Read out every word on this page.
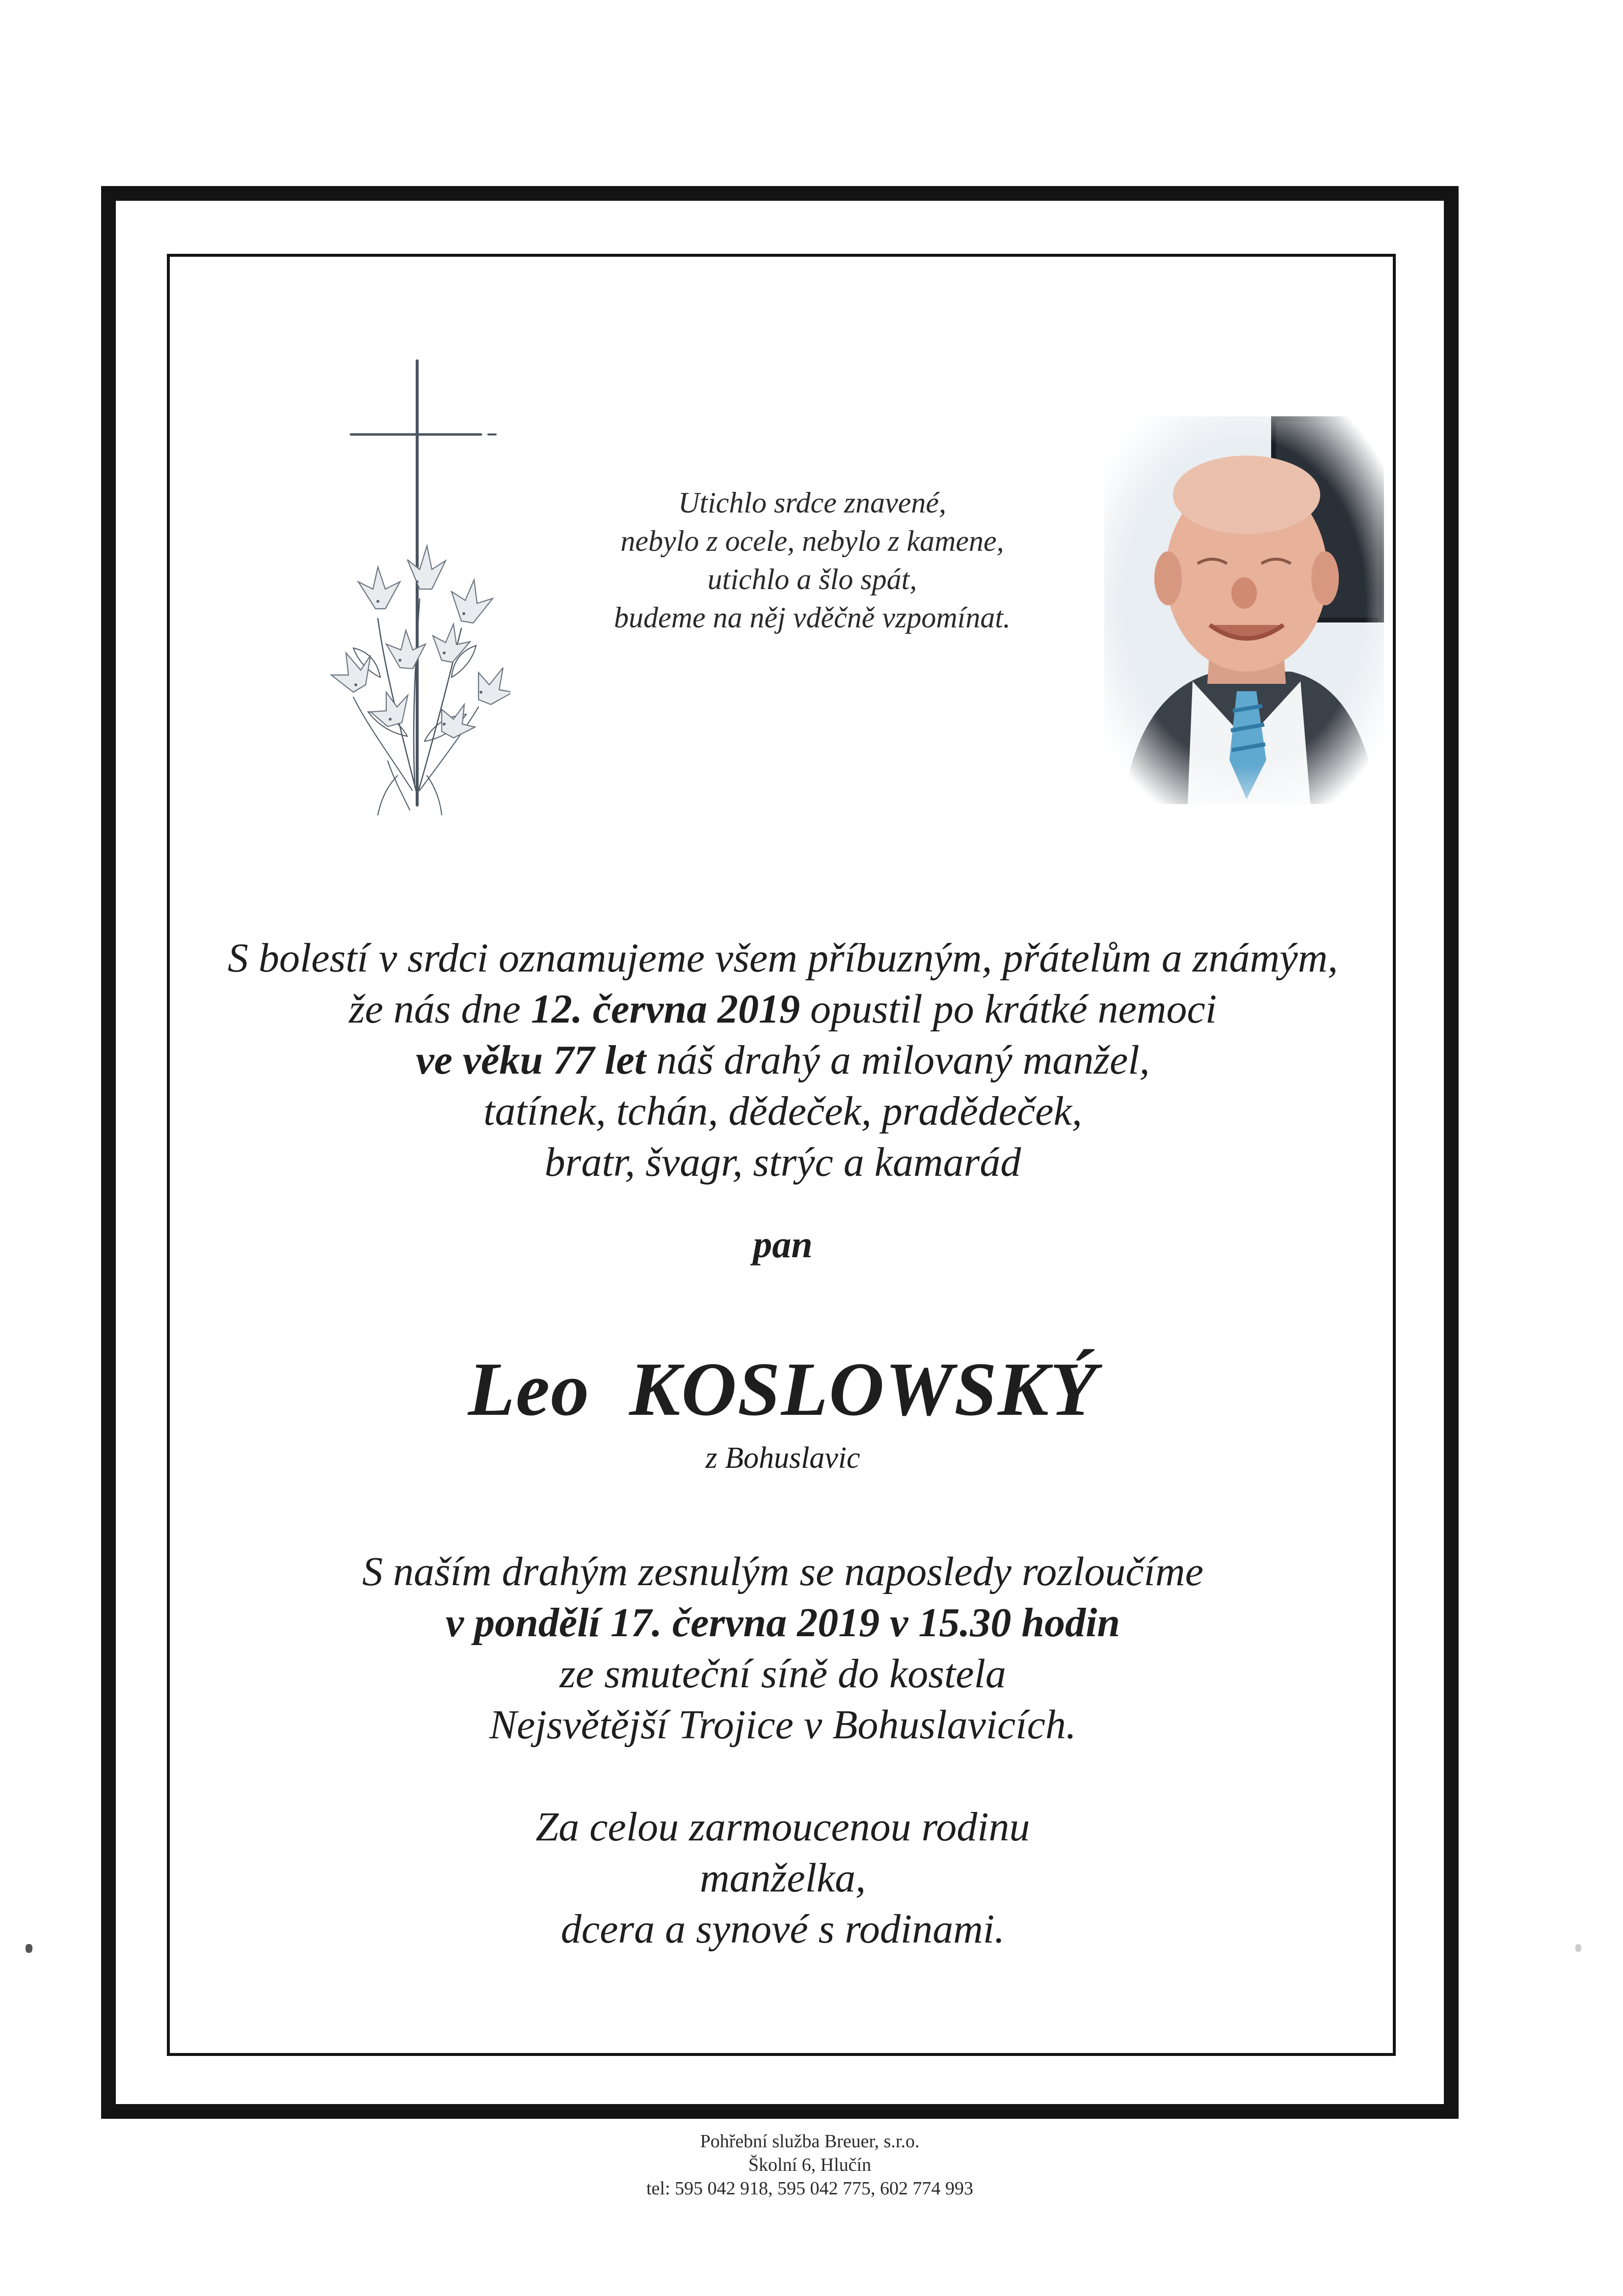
Utichlo srdce znavené,
nebylo z ocele, nebylo z kamene,
utichlo a šlo spát,
budeme na něj vděčně vzpomínat.
S bolestí v srdci oznamujeme všem příbuzným, přátelům a známým,
že nás dne 12. června 2019 opustil po krátké nemoci
ve věku 77 let náš drahý a milovaný manžel,
tatínek, tchán, dědeček, pradědeček,
bratr, švagr, strýc a kamarád
pan
Leo KOSLOWSKÝ
z Bohuslavic
S naším drahým zesnulým se naposledy rozloučíme
v pondělí 17. června 2019 v 15.30 hodin
ze smuteční síně do kostela
Nejsvětější Trojice v Bohuslavicích.
Za celou zarmoucenou rodinu
manželka,
dcera a synové s rodinami.
Pohřební služba Breuer, s.r.o.
Školní 6, Hlučín
tel: 595 042 918, 595 042 775, 602 774 993
